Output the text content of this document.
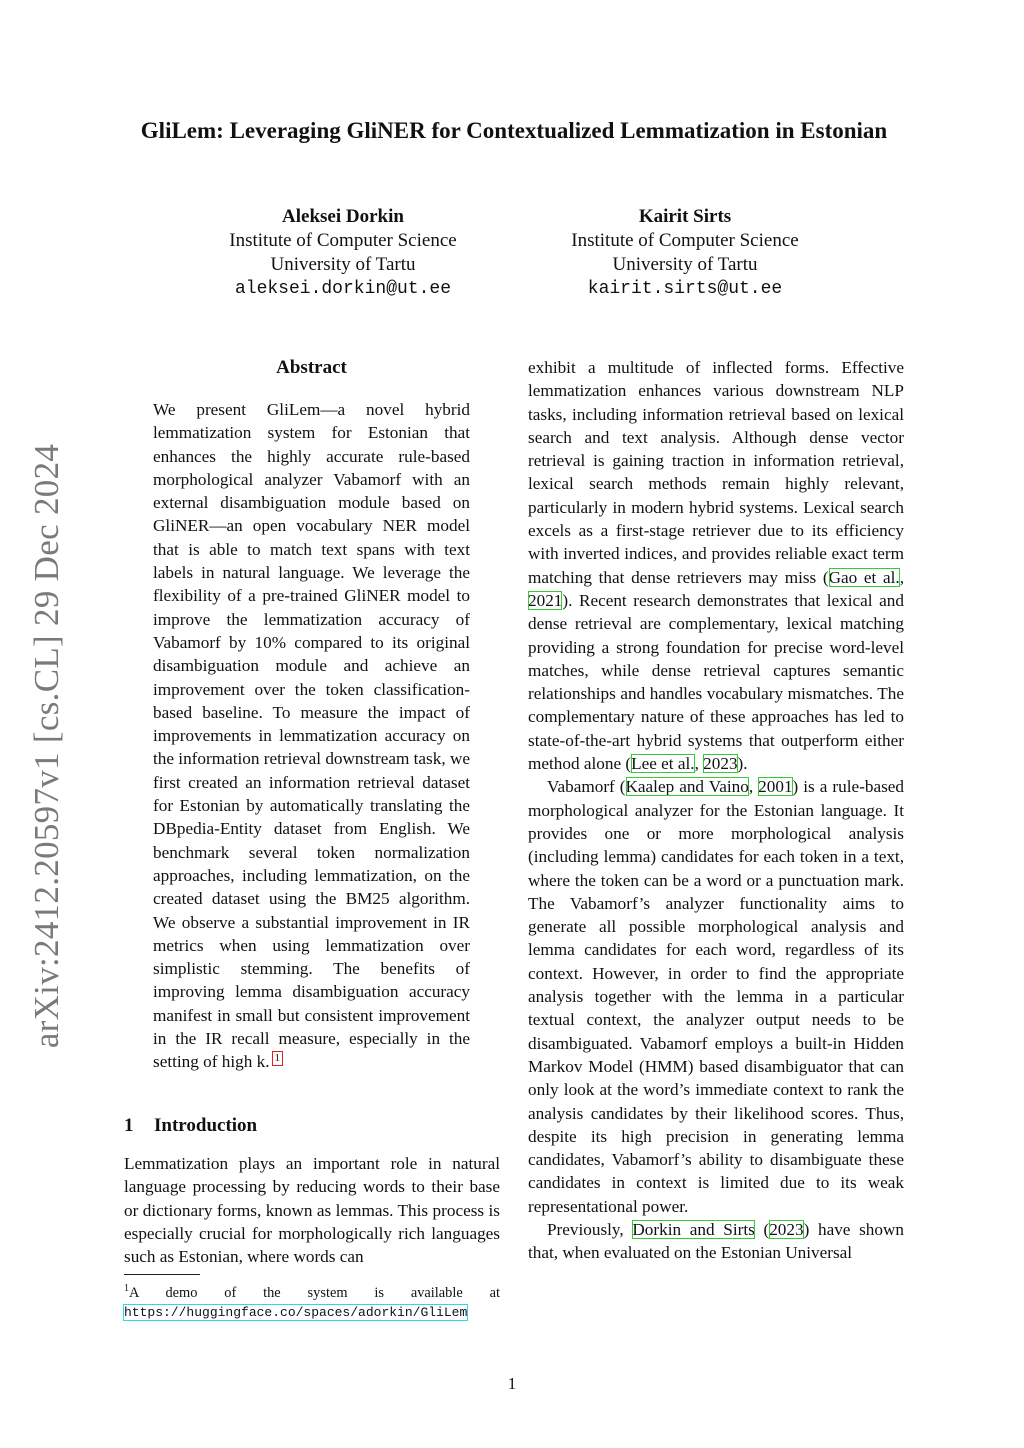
arXiv:2412.20597v1 [cs.CL] 29 Dec 2024
GliLem: Leveraging GliNER for Contextualized Lemmatization in Estonian
Aleksei Dorkin
Institute of Computer Science
University of Tartu
aleksei.dorkin@ut.ee
Kairit Sirts
Institute of Computer Science
University of Tartu
kairit.sirts@ut.ee
Abstract

We present GliLem—a novel hybrid lemmatization system for Estonian that enhances the highly accurate rule-based morphological analyzer Vabamorf with an external disambiguation module based on GliNER—an open vocabulary NER model that is able to match text spans with text labels in natural language. We leverage the flexibility of a pre-trained GliNER model to improve the lemmatization accuracy of Vabamorf by 10% compared to its original disambiguation module and achieve an improvement over the token classification-based baseline. To measure the impact of improvements in lemmatization accuracy on the information retrieval downstream task, we first created an information retrieval dataset for Estonian by automatically translating the DBpedia-Entity dataset from English. We benchmark several token normalization approaches, including lemmatization, on the created dataset using the BM25 algorithm. We observe a substantial improvement in IR metrics when using lemmatization over simplistic stemming. The benefits of improving lemma disambiguation accuracy manifest in small but consistent improvement in the IR recall measure, especially in the setting of high k. 1

1 Introduction

Lemmatization plays an important role in natural language processing by reducing words to their base or dictionary forms, known as lemmas. This process is especially crucial for morphologically rich languages such as Estonian, where words can

$^1$A demo of the system is available at https://huggingface.co/spaces/adorkin/GliLem

exhibit a multitude of inflected forms. Effective lemmatization enhances various downstream NLP tasks, including information retrieval based on lexical search and text analysis. Although dense vector retrieval is gaining traction in information retrieval, lexical search methods remain highly relevant, particularly in modern hybrid systems. Lexical search excels as a first-stage retriever due to its efficiency with inverted indices, and provides reliable exact term matching that dense retrievers may miss (Gao et al., 2021). Recent research demonstrates that lexical and dense retrieval are complementary, lexical matching providing a strong foundation for precise word-level matches, while dense retrieval captures semantic relationships and handles vocabulary mismatches. The complementary nature of these approaches has led to state-of-the-art hybrid systems that outperform either method alone (Lee et al., 2023).

Vabamorf (Kaalep and Vaino, 2001) is a rule-based morphological analyzer for the Estonian language. It provides one or more morphological analysis (including lemma) candidates for each token in a text, where the token can be a word or a punctuation mark. The Vabamorf’s analyzer functionality aims to generate all possible morphological analysis and lemma candidates for each word, regardless of its context. However, in order to find the appropriate analysis together with the lemma in a particular textual context, the analyzer output needs to be disambiguated. Vabamorf employs a built-in Hidden Markov Model (HMM) based disambiguator that can only look at the word’s immediate context to rank the analysis candidates by their likelihood scores. Thus, despite its high precision in generating lemma candidates, Vabamorf’s ability to disambiguate these candidates in context is limited due to its weak representational power.

Previously, Dorkin and Sirts (2023) have shown that, when evaluated on the Estonian Universal

1
